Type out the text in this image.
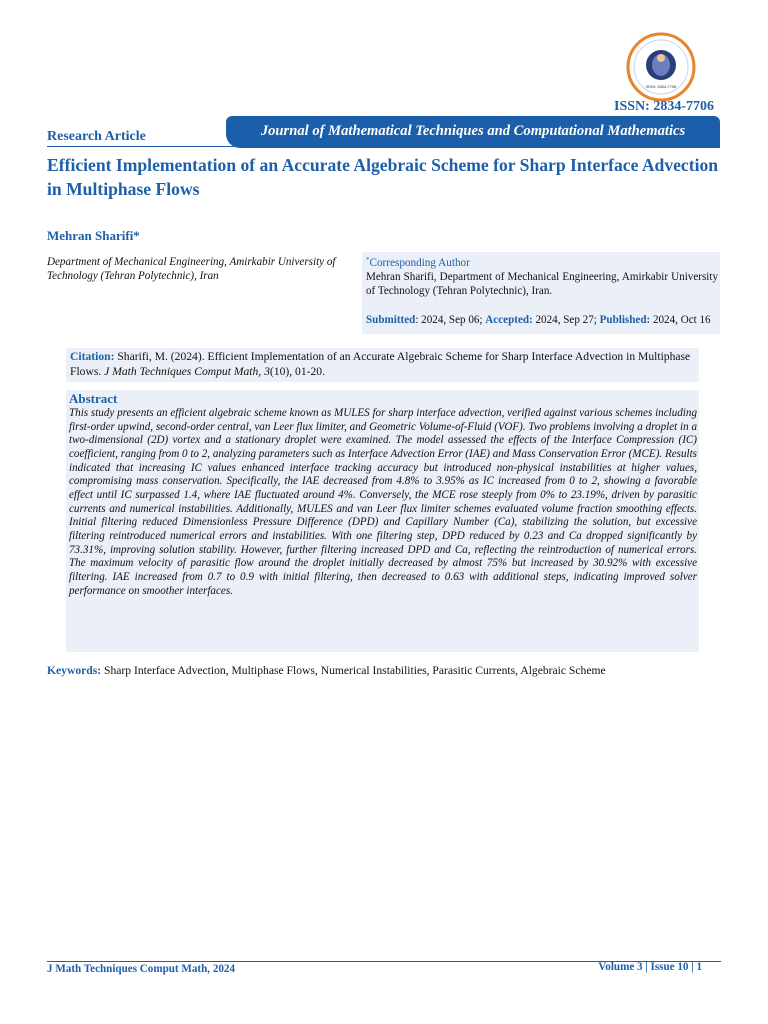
ISSN: 2834-7706
ISSN: 2834-7706
Research Article	Journal of Mathematical Techniques and Computational Mathematics
Efficient Implementation of an Accurate Algebraic Scheme for Sharp Interface Advection in Multiphase Flows
Mehran Sharifi*
Department of Mechanical Engineering, Amirkabir University of Technology (Tehran Polytechnic), Iran
*Corresponding Author
Mehran Sharifi, Department of Mechanical Engineering, Amirkabir University of Technology (Tehran Polytechnic), Iran.
Submitted: 2024, Sep 06; Accepted: 2024, Sep 27; Published: 2024, Oct 16
Citation: Sharifi, M. (2024). Efficient Implementation of an Accurate Algebraic Scheme for Sharp Interface Advection in Multiphase Flows. J Math Techniques Comput Math, 3(10), 01-20.
Abstract
This study presents an efficient algebraic scheme known as MULES for sharp interface advection, verified against various schemes including first-order upwind, second-order central, van Leer flux limiter, and Geometric Volume-of-Fluid (VOF). Two problems involving a droplet in a two-dimensional (2D) vortex and a stationary droplet were examined. The model assessed the effects of the Interface Compression (IC) coefficient, ranging from 0 to 2, analyzing parameters such as Interface Advection Error (IAE) and Mass Conservation Error (MCE). Results indicated that increasing IC values enhanced interface tracking accuracy but introduced non-physical instabilities at higher values, compromising mass conservation. Specifically, the IAE decreased from 4.8% to 3.95% as IC increased from 0 to 2, showing a favorable effect until IC surpassed 1.4, where IAE fluctuated around 4%. Conversely, the MCE rose steeply from 0% to 23.19%, driven by parasitic currents and numerical instabilities. Additionally, MULES and van Leer flux limiter schemes evaluated volume fraction smoothing effects. Initial filtering reduced Dimensionless Pressure Difference (DPD) and Capillary Number (Ca), stabilizing the solution, but excessive filtering reintroduced numerical errors and instabilities. With one filtering step, DPD reduced by 0.23 and Ca dropped significantly by 73.31%, improving solution stability. However, further filtering increased DPD and Ca, reflecting the reintroduction of numerical errors. The maximum velocity of parasitic flow around the droplet initially decreased by almost 75% but increased by 30.92% with excessive filtering. IAE increased from 0.7 to 0.9 with initial filtering, then decreased to 0.63 with additional steps, indicating improved solver performance on smoother interfaces.
Keywords: Sharp Interface Advection, Multiphase Flows, Numerical Instabilities, Parasitic Currents, Algebraic Scheme
J Math Techniques Comput Math, 2024	Volume 3 | Issue 10 | 1
